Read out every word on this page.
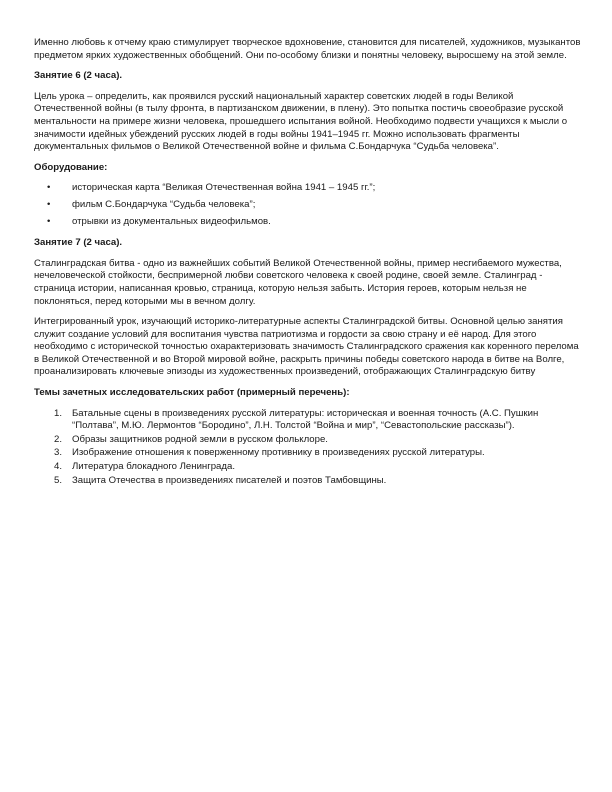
Именно любовь к отчему краю стимулирует творческое вдохновение, становится для писателей, художников, музыкантов предметом ярких художественных обобщений. Они по-особому близки и понятны человеку, выросшему на этой земле.

Занятие 6 (2 часа).

Цель урока – определить, как проявился русский национальный характер советских людей в годы Великой Отечественной войны (в тылу фронта, в партизанском движении, в плену). Это попытка постичь своеобразие русской ментальности на примере жизни человека, прошедшего испытания войной. Необходимо подвести учащихся к мысли о значимости идейных убеждений русских людей в годы войны 1941–1945 гг. Можно использовать фрагменты документальных фильмов о Великой Отечественной войне и фильма С.Бондарчука “Судьба человека”.

Оборудование:
• историческая карта “Великая Отечественная война 1941 – 1945 гг.”;
• фильм С.Бондарчука “Судьба человека”;
• отрывки из документальных видеофильмов.
Занятие 7 (2 часа).

Сталинградская битва - одно из важнейших событий Великой Отечественной войны, пример несгибаемого мужества, нечеловеческой стойкости, беспримерной любви советского человека к своей родине, своей земле. Сталинград - страница истории, написанная кровью, страница, которую нельзя забыть. История героев, которым нельзя не поклоняться, перед которыми мы в вечном долгу.

Интегрированный урок, изучающий историко-литературные аспекты Сталинградской битвы. Основной целью занятия служит создание условий для воспитания чувства патриотизма и гордости за свою страну и её народ. Для этого необходимо с исторической точностью охарактеризовать значимость Сталинградского сражения как коренного перелома в Великой Отечественной и во Второй мировой войне, раскрыть причины победы советского народа в битве на Волге, проанализировать ключевые эпизоды из художественных произведений, отображающих Сталинградскую битву

Темы зачетных исследовательских работ (примерный перечень):
1. Батальные сцены в произведениях русской литературы: историческая и военная точность (А.С. Пушкин “Полтава”, М.Ю. Лермонтов “Бородино”, Л.Н. Толстой “Война и мир”, “Севастопольские рассказы”).
2. Образы защитников родной земли в русском фольклоре.
3. Изображение отношения к поверженному противнику в произведениях русской литературы.
4. Литература блокадного Ленинграда.
5. Защита Отечества в произведениях писателей и поэтов Тамбовщины.
